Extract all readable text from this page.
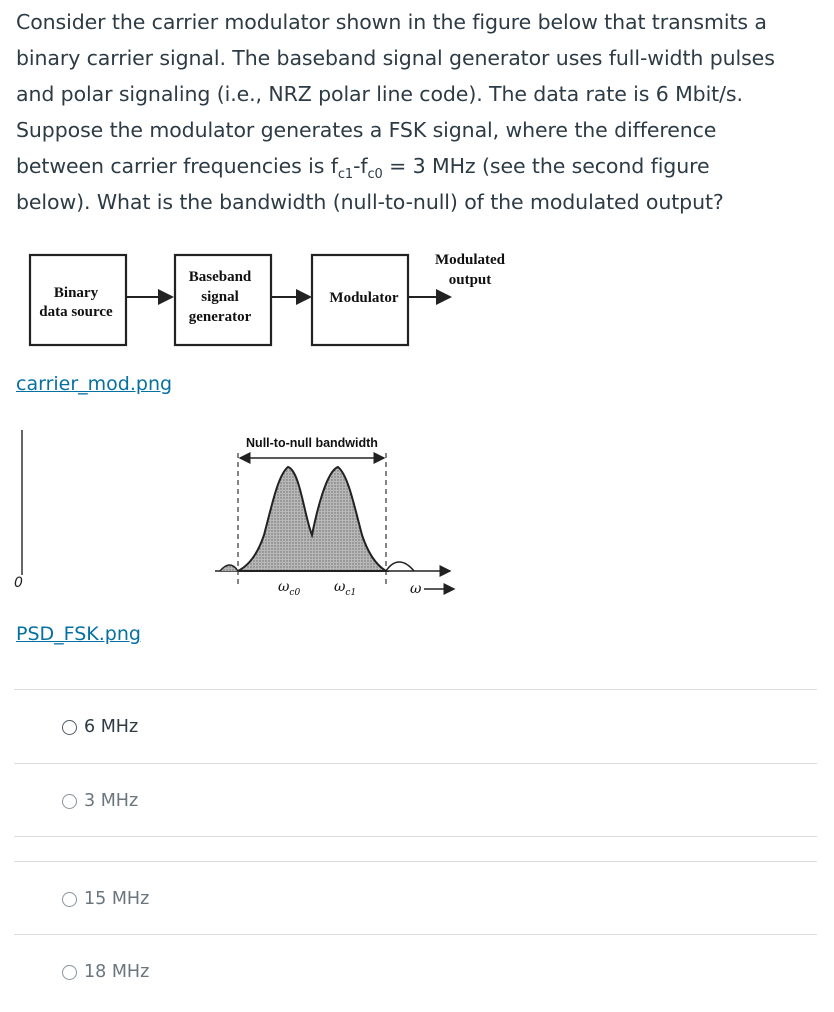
Consider the carrier modulator shown in the figure below that transmits a
binary carrier signal. The baseband signal generator uses full-width pulses
and polar signaling (i.e., NRZ polar line code). The data rate is 6 Mbit/s.
Suppose the modulator generates a FSK signal, where the difference
between carrier frequencies is $f_{c1}-f_{c0} = 3$ MHz (see the second figure
below). What is the bandwidth (null-to-null) of the modulated output?
Binary
data source
Baseband
signal
generator
Modulator
Modulated
output
carrier_mod.png
0
Null-to-null bandwidth
$\omega_{c0}$ $\omega_{c1}$	ω
PSD_FSK.png
6 MHz
3 MHz
15 MHz
18 MHz
